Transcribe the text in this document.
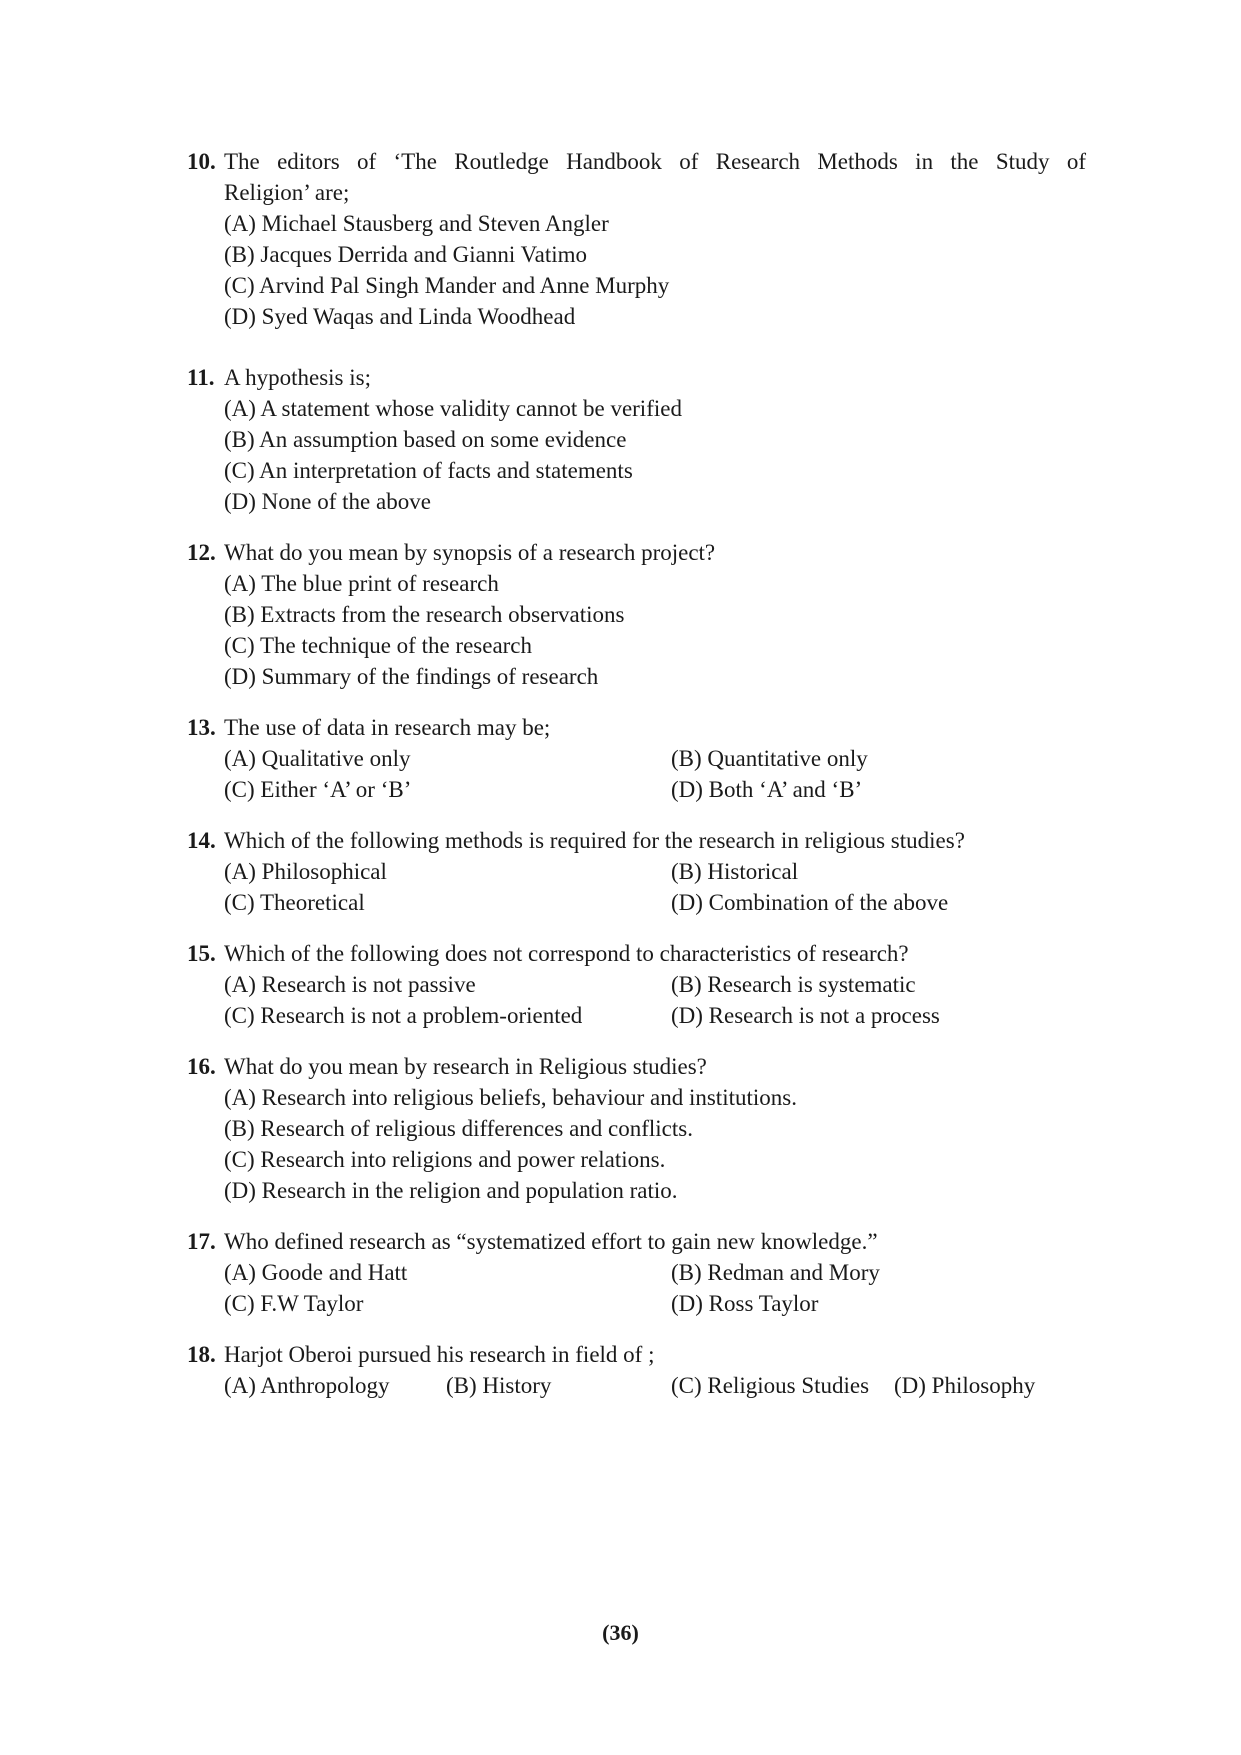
10. The editors of ‘The Routledge Handbook of Research Methods in the Study of
Religion’ are;
(A) Michael Stausberg and Steven Angler
(B) Jacques Derrida and Gianni Vatimo
(C) Arvind Pal Singh Mander and Anne Murphy
(D) Syed Waqas and Linda Woodhead
11. A hypothesis is;
(A) A statement whose validity cannot be verified
(B) An assumption based on some evidence
(C) An interpretation of facts and statements
(D) None of the above
12. What do you mean by synopsis of a research project?
(A) The blue print of research
(B) Extracts from the research observations
(C) The technique of the research
(D) Summary of the findings of research
13. The use of data in research may be;
(A) Qualitative only	(B) Quantitative only
(C) Either ‘A’ or ‘B’	(D) Both ‘A’ and ‘B’
14. Which of the following methods is required for the research in religious studies?
(A) Philosophical	(B) Historical
(C) Theoretical	(D) Combination of the above
15. Which of the following does not correspond to characteristics of research?
(A) Research is not passive	(B) Research is systematic
(C) Research is not a problem-oriented	(D) Research is not a process
16. What do you mean by research in Religious studies?
(A) Research into religious beliefs, behaviour and institutions.
(B) Research of religious differences and conflicts.
(C) Research into religions and power relations.
(D) Research in the religion and population ratio.
17. Who defined research as “systematized effort to gain new knowledge.”
(A) Goode and Hatt	(B) Redman and Mory
(C) F.W Taylor	(D) Ross Taylor
18. Harjot Oberoi pursued his research in field of ;
(A) Anthropology (B) History	(C) Religious Studies (D) Philosophy
(36)
